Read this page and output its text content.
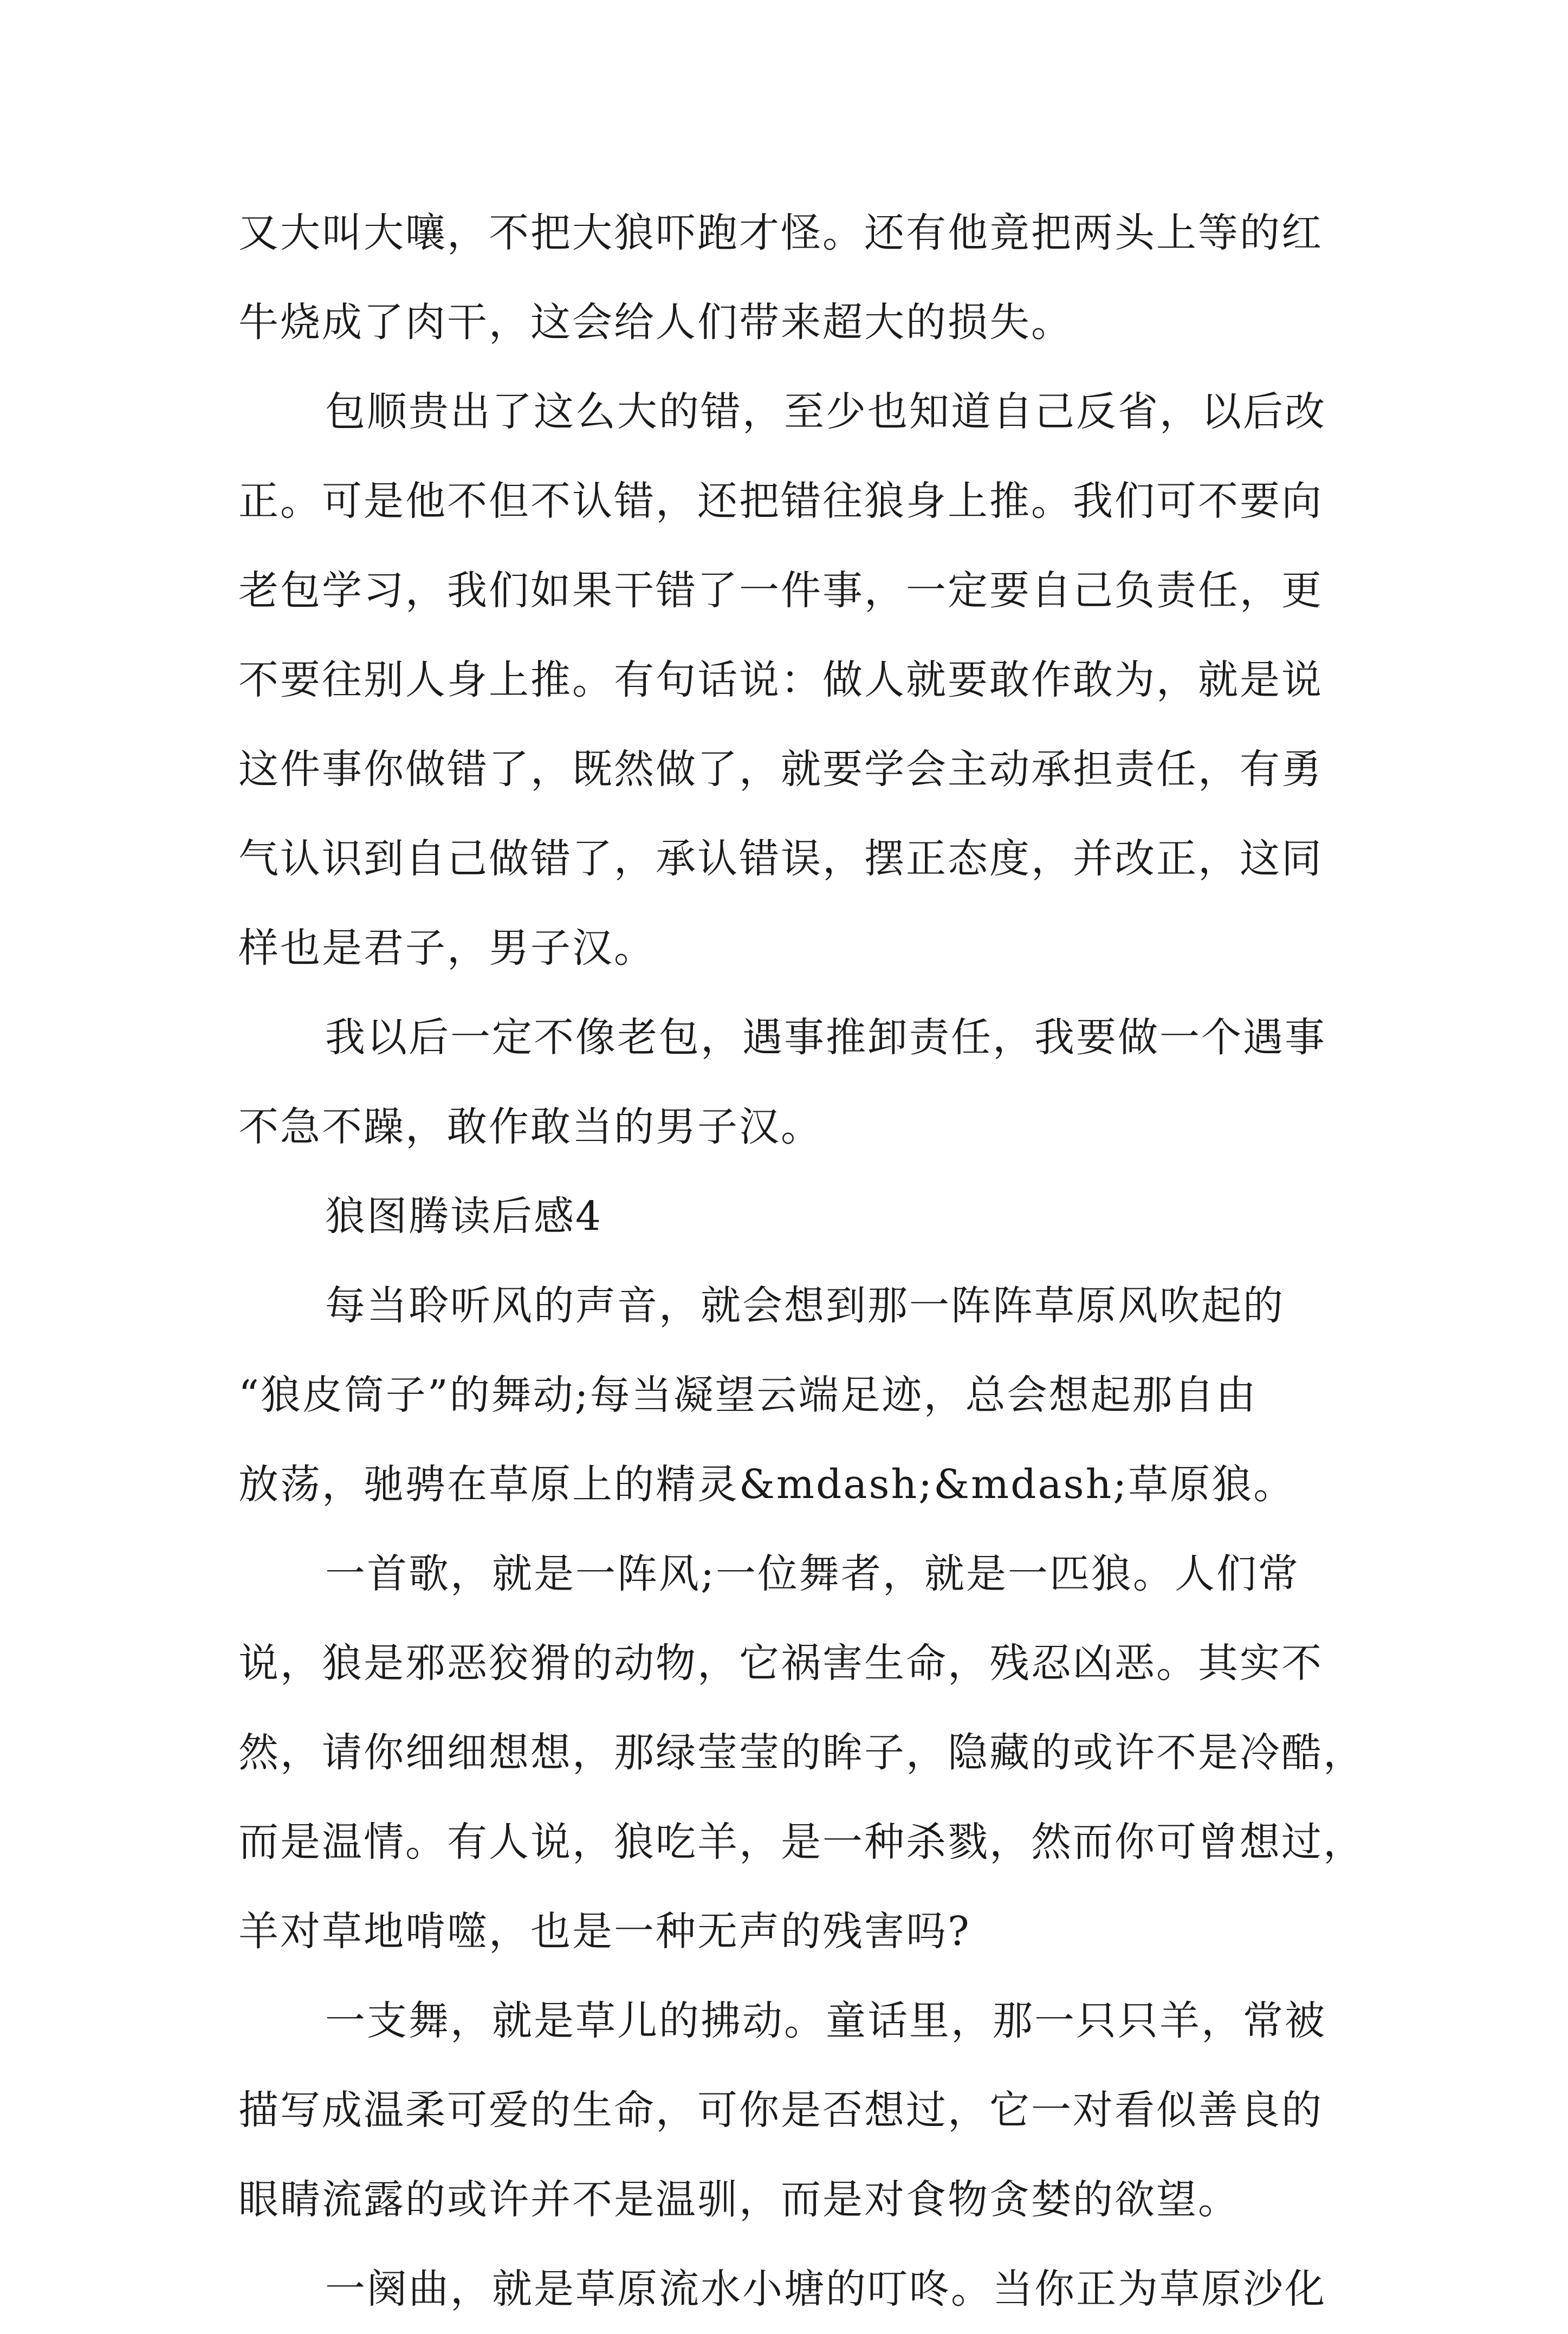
又大叫大嚷，不把大狼吓跑才怪。还有他竟把两头上等的红
牛烧成了肉干，这会给人们带来超大的损失。
包顺贵出了这么大的错，至少也知道自己反省，以后改
正。可是他不但不认错，还把错往狼身上推。我们可不要向
老包学习，我们如果干错了一件事，一定要自己负责任，更
不要往别人身上推。有句话说：做人就要敢作敢为，就是说
这件事你做错了，既然做了，就要学会主动承担责任，有勇
气认识到自己做错了，承认错误，摆正态度，并改正，这同
样也是君子，男子汉。
我以后一定不像老包，遇事推卸责任，我要做一个遇事
不急不躁，敢作敢当的男子汉。
狼图腾读后感4
每当聆听风的声音，就会想到那一阵阵草原风吹起的
“狼皮筒子”的舞动;每当凝望云端足迹，总会想起那自由
放荡，驰骋在草原上的精灵&mdash;&mdash;草原狼。
一首歌，就是一阵风;一位舞者，就是一匹狼。人们常
说，狼是邪恶狡猾的动物，它祸害生命，残忍凶恶。其实不
然，请你细细想想，那绿莹莹的眸子，隐藏的或许不是冷酷，
而是温情。有人说，狼吃羊，是一种杀戮，然而你可曾想过，
羊对草地啃噬，也是一种无声的残害吗?
一支舞，就是草儿的拂动。童话里，那一只只羊，常被
描写成温柔可爱的生命，可你是否想过，它一对看似善良的
眼睛流露的或许并不是温驯，而是对食物贪婪的欲望。
一阕曲，就是草原流水小塘的叮咚。当你正为草原沙化
